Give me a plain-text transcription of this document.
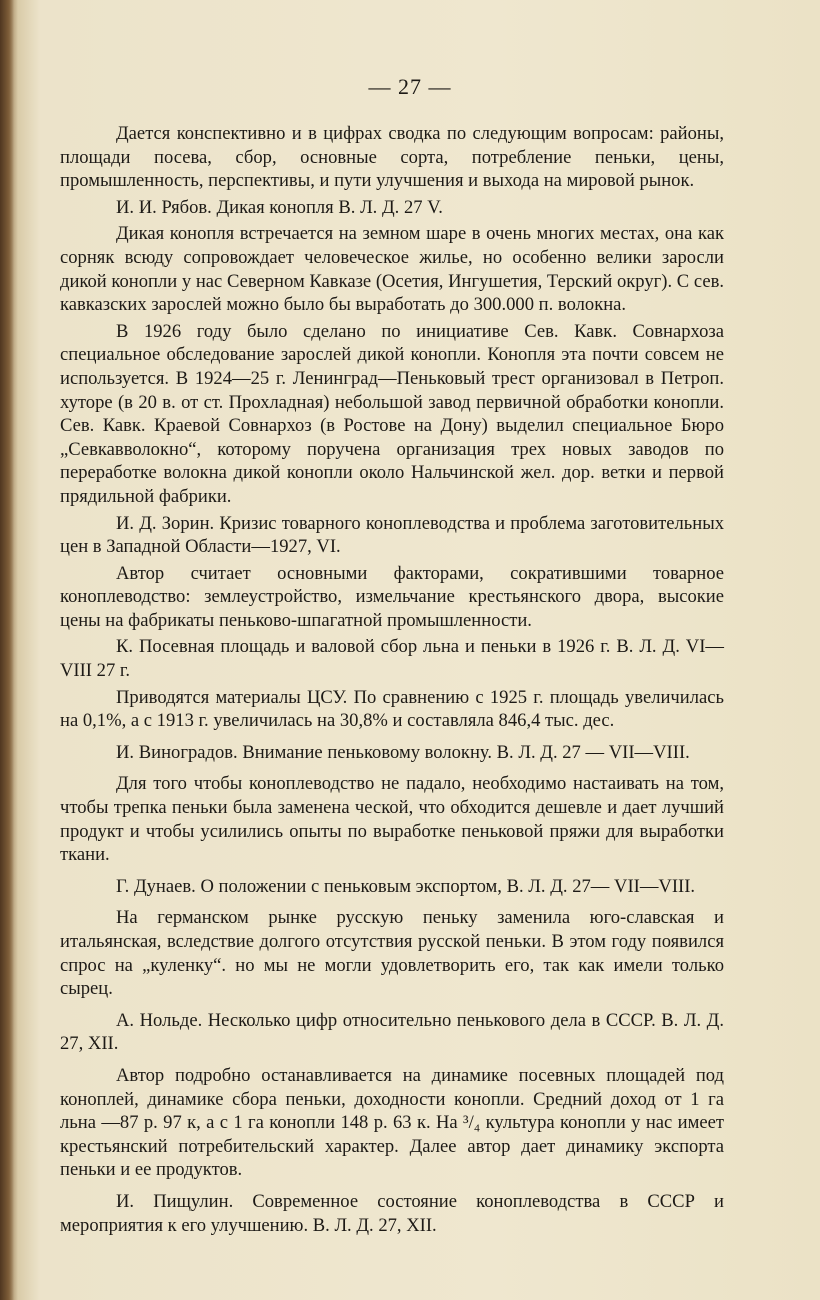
— 27 —

Дается конспективно и в цифрах сводка по следующим вопросам: районы, площади посева, сбор, основные сорта, потребление пеньки, цены, промышленность, перспективы, и пути улучшения и выхода на мировой рынок.

И. И. Рябов. Дикая конопля В. Л. Д. 27 V.

Дикая конопля встречается на земном шаре в очень многих местах, она как сорняк всюду сопровождает человеческое жилье, но особенно велики заросли дикой конопли у нас Северном Кавказе (Осетия, Ингушетия, Терский округ). С сев. кавказских зарослей можно было бы выработать до 300.000 п. волокна.

В 1926 году было сделано по инициативе Сев. Кавк. Совнархоза специальное обследование зарослей дикой конопли. Конопля эта почти совсем не используется. В 1924—25 г. Ленинград—Пеньковый трест организовал в Петроп. хуторе (в 20 в. от ст. Прохладная) небольшой завод первичной обработки конопли. Сев. Кавк. Краевой Совнархоз (в Ростове на Дону) выделил специальное Бюро „Севкавволокно“, которому поручена организация трех новых заводов по переработке волокна дикой конопли около Нальчинской жел. дор. ветки и первой прядильной фабрики.

И. Д. Зорин. Кризис товарного коноплеводства и проблема заготовительных цен в Западной Области—1927, VI.

Автор считает основными факторами, сократившими товарное коноплеводство: землеустройство, измельчание крестьянского двора, высокие цены на фабрикаты пеньково-шпагатной промышленности.

К. Посевная площадь и валовой сбор льна и пеньки в 1926 г. В. Л. Д. VI—VIII 27 г.

Приводятся материалы ЦСУ. По сравнению с 1925 г. площадь увеличилась на 0,1%, а с 1913 г. увеличилась на 30,8% и составляла 846,4 тыс. дес.

И. Виноградов. Внимание пеньковому волокну. В. Л. Д. 27 — VII—VIII.

Для того чтобы коноплеводство не падало, необходимо настаивать на том, чтобы трепка пеньки была заменена ческой, что обходится дешевле и дает лучший продукт и чтобы усилились опыты по выработке пеньковой пряжи для выработки ткани.

Г. Дунаев. О положении с пеньковым экспортом, В. Л. Д. 27— VII—VIII.

На германском рынке русскую пеньку заменила юго-славская и итальянская, вследствие долгого отсутствия русской пеньки. В этом году появился спрос на „куленку“. но мы не могли удовлетворить его, так как имели только сырец.

А. Нольде. Несколько цифр относительно пенькового дела в СССР. В. Л. Д. 27, XII.

Автор подробно останавливается на динамике посевных площадей под коноплей, динамике сбора пеньки, доходности конопли. Средний доход от 1 га льна —87 р. 97 к, а с 1 га конопли 148 р. 63 к. На ³/₄ культура конопли у нас имеет крестьянский потребительский характер. Далее автор дает динамику экспорта пеньки и ее продуктов.

И. Пищулин. Современное состояние коноплеводства в СССР и мероприятия к его улучшению. В. Л. Д. 27, XII.
